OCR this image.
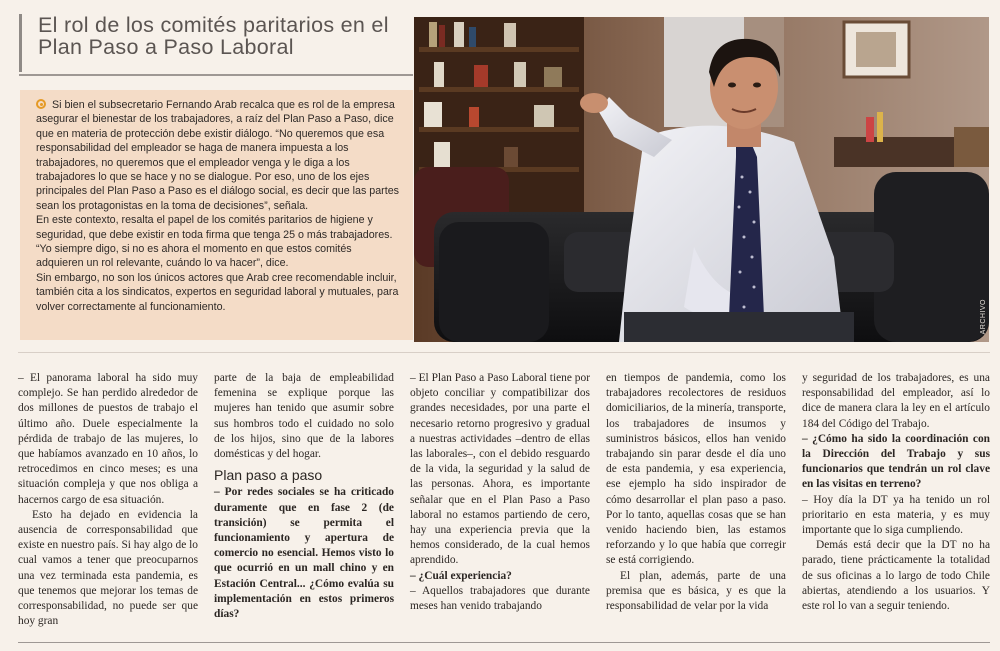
El rol de los comités paritarios en el Plan Paso a Paso Laboral

Si bien el subsecretario Fernando Arab recalca que es rol de la empresa asegurar el bienestar de los trabajadores, a raíz del Plan Paso a Paso, dice que en materia de protección debe existir diálogo. “No queremos que esa responsabilidad del empleador se haga de manera impuesta a los trabajadores, no queremos que el empleador venga y le diga a los trabajadores lo que se hace y no se dialogue. Por eso, uno de los ejes principales del Plan Paso a Paso es el diálogo social, es decir que las partes sean los protagonistas en la toma de decisiones”, señala.
En este contexto, resalta el papel de los comités paritarios de higiene y seguridad, que debe existir en toda firma que tenga 25 o más trabajadores. “Yo siempre digo, si no es ahora el momento en que estos comités adquieren un rol relevante, cuándo lo va hacer”, dice.
Sin embargo, no son los únicos actores que Arab cree recomendable incluir, también cita a los sindicatos, expertos en seguridad laboral y mutuales, para volver correctamente al funcionamiento.	ARCHIVO

– El panorama laboral ha sido muy complejo. Se han perdido alrededor de dos millones de puestos de trabajo el último año. Duele especialmente la pérdida de trabajo de las mujeres, lo que habíamos avanzado en 10 años, lo retrocedimos en cinco meses; es una situación compleja y que nos obliga a hacernos cargo de esa situación.

Esto ha dejado en evidencia la ausencia de corresponsabilidad que existe en nuestro país. Si hay algo de lo cual vamos a tener que preocuparnos una vez terminada esta pandemia, es que tenemos que mejorar los temas de corresponsabilidad, no puede ser que hoy gran

parte de la baja de empleabilidad femenina se explique porque las mujeres han tenido que asumir sobre sus hombros todo el cuidado no solo de los hijos, sino que de la labores domésticas y del hogar.

Plan paso a paso

– Por redes sociales se ha criticado duramente que en fase 2 (de transición) se permita el funcionamiento y apertura de comercio no esencial. Hemos visto lo que ocurrió en un mall chino y en Estación Central... ¿Cómo evalúa su implementación en estos primeros días?

– El Plan Paso a Paso Laboral tiene por objeto conciliar y compatibilizar dos grandes necesidades, por una parte el necesario retorno progresivo y gradual a nuestras actividades –dentro de ellas las laborales–, con el debido resguardo de la vida, la seguridad y la salud de las personas. Ahora, es importante señalar que en el Plan Paso a Paso laboral no estamos partiendo de cero, hay una experiencia previa que la hemos considerado, de la cual hemos aprendido.

– ¿Cuál experiencia?

– Aquellos trabajadores que durante meses han venido trabajando

en tiempos de pandemia, como los trabajadores recolectores de residuos domiciliarios, de la minería, transporte, los trabajadores de insumos y suministros básicos, ellos han venido trabajando sin parar desde el día uno de esta pandemia, y esa experiencia, ese ejemplo ha sido inspirador de cómo desarrollar el plan paso a paso. Por lo tanto, aquellas cosas que se han venido haciendo bien, las estamos reforzando y lo que había que corregir se está corrigiendo.

El plan, además, parte de una premisa que es básica, y es que la responsabilidad de velar por la vida

y seguridad de los trabajadores, es una responsabilidad del empleador, así lo dice de manera clara la ley en el artículo 184 del Código del Trabajo.

– ¿Cómo ha sido la coordinación con la Dirección del Trabajo y sus funcionarios que tendrán un rol clave en las visitas en terreno?

– Hoy día la DT ya ha tenido un rol prioritario en esta materia, y es muy importante que lo siga cumpliendo.

Demás está decir que la DT no ha parado, tiene prácticamente la totalidad de sus oficinas a lo largo de todo Chile abiertas, atendiendo a los usuarios. Y este rol lo van a seguir teniendo.
